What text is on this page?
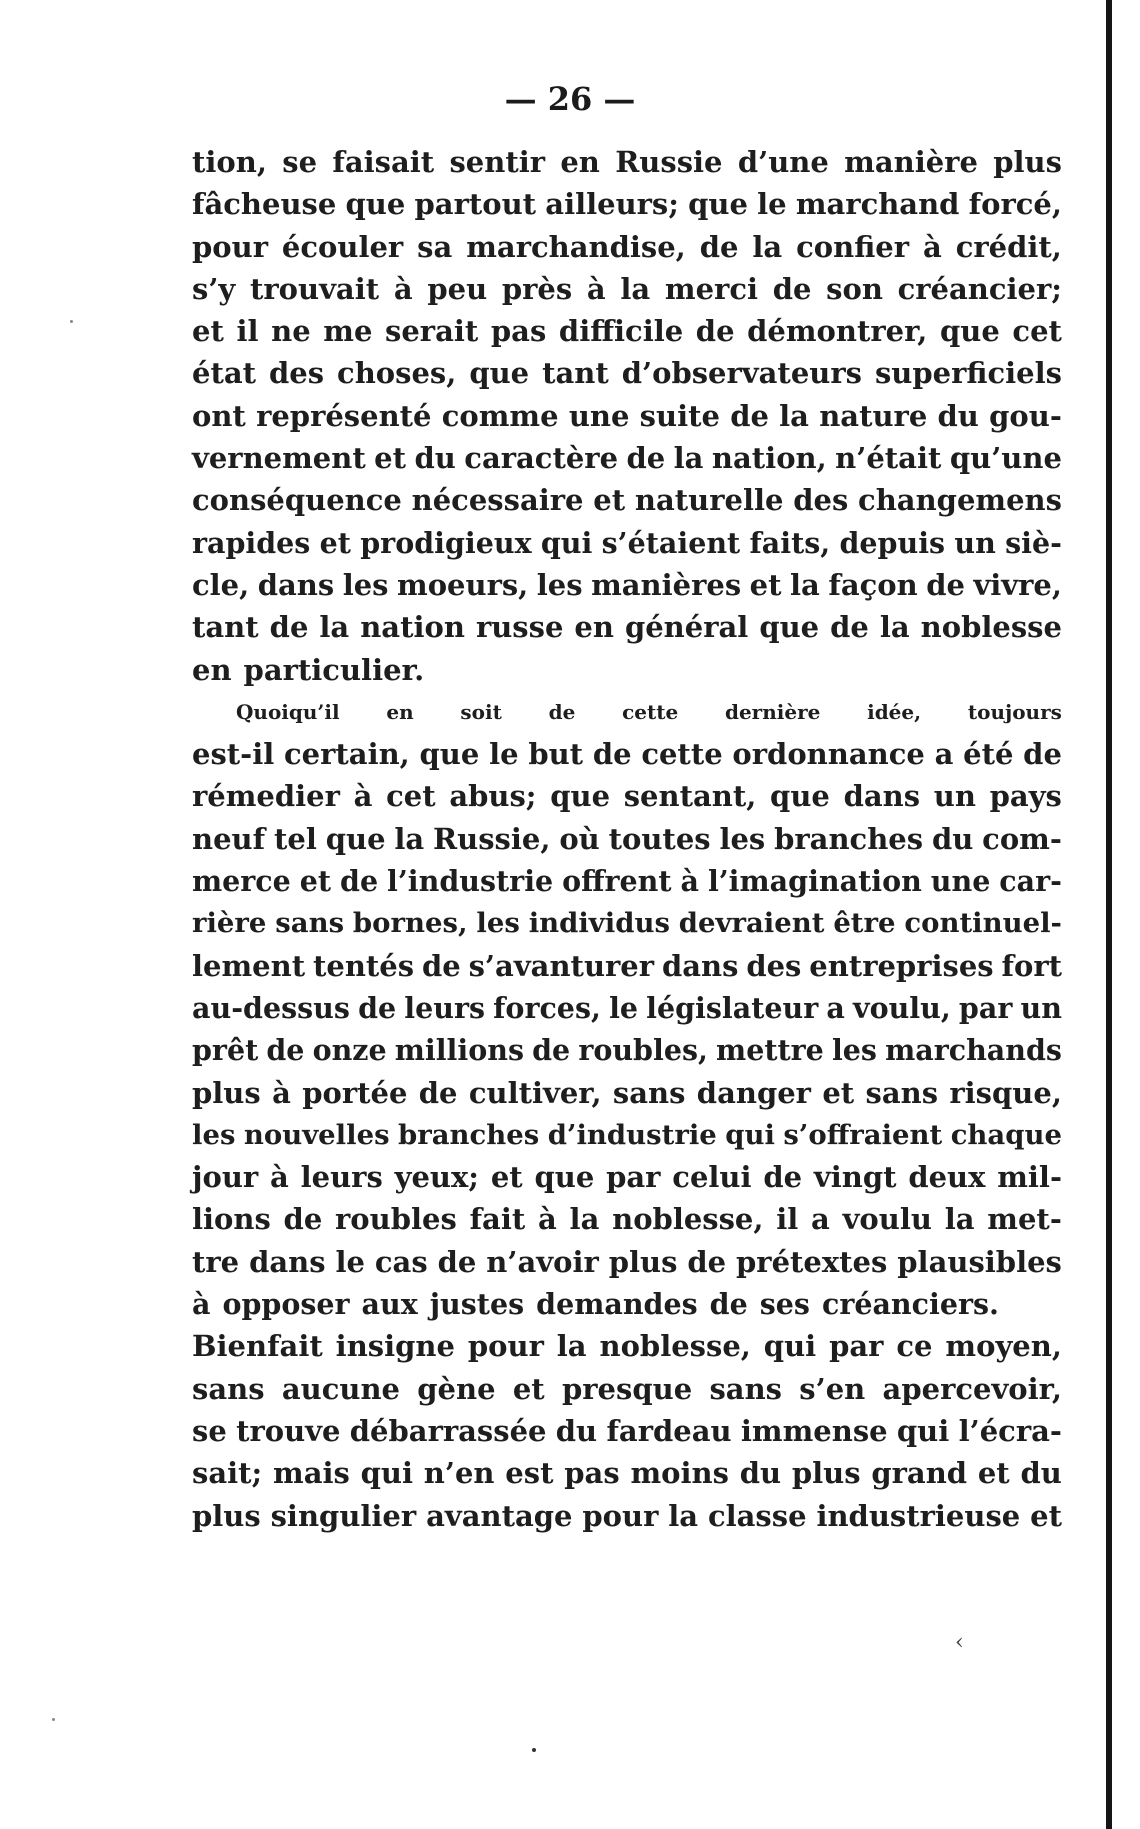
— 26 —
tion, se faisait sentir en Russie d’une manière plus
fâcheuse que partout ailleurs; que le marchand forcé,
pour écouler sa marchandise, de la confier à crédit,
s’y trouvait à peu près à la merci de son créancier;
et il ne me serait pas difficile de démontrer, que cet
état des choses, que tant d’observateurs superficiels
ont représenté comme une suite de la nature du gou-
vernement et du caractère de la nation, n’était qu’une
conséquence nécessaire et naturelle des changemens
rapides et prodigieux qui s’étaient faits, depuis un siè-
cle, dans les moeurs, les manières et la façon de vivre,
tant de la nation russe en général que de la noblesse
en particulier.
Quoiqu’il en soit de cette dernière idée, toujours
est-il certain, que le but de cette ordonnance a été de
rémedier à cet abus; que sentant, que dans un pays
neuf tel que la Russie, où toutes les branches du com-
merce et de l’industrie offrent à l’imagination une car-
rière sans bornes, les individus devraient être continuel-
lement tentés de s’avanturer dans des entreprises fort
au-dessus de leurs forces, le législateur a voulu, par un
prêt de onze millions de roubles, mettre les marchands
plus à portée de cultiver, sans danger et sans risque,
les nouvelles branches d’industrie qui s’offraient chaque
jour à leurs yeux; et que par celui de vingt deux mil-
lions de roubles fait à la noblesse, il a voulu la met-
tre dans le cas de n’avoir plus de prétextes plausibles
à opposer aux justes demandes de ses créanciers.
Bienfait insigne pour la noblesse, qui par ce moyen,
sans aucune gène et presque sans s’en apercevoir,
se trouve débarrassée du fardeau immense qui l’écra-
sait; mais qui n’en est pas moins du plus grand et du
plus singulier avantage pour la classe industrieuse et
‹
